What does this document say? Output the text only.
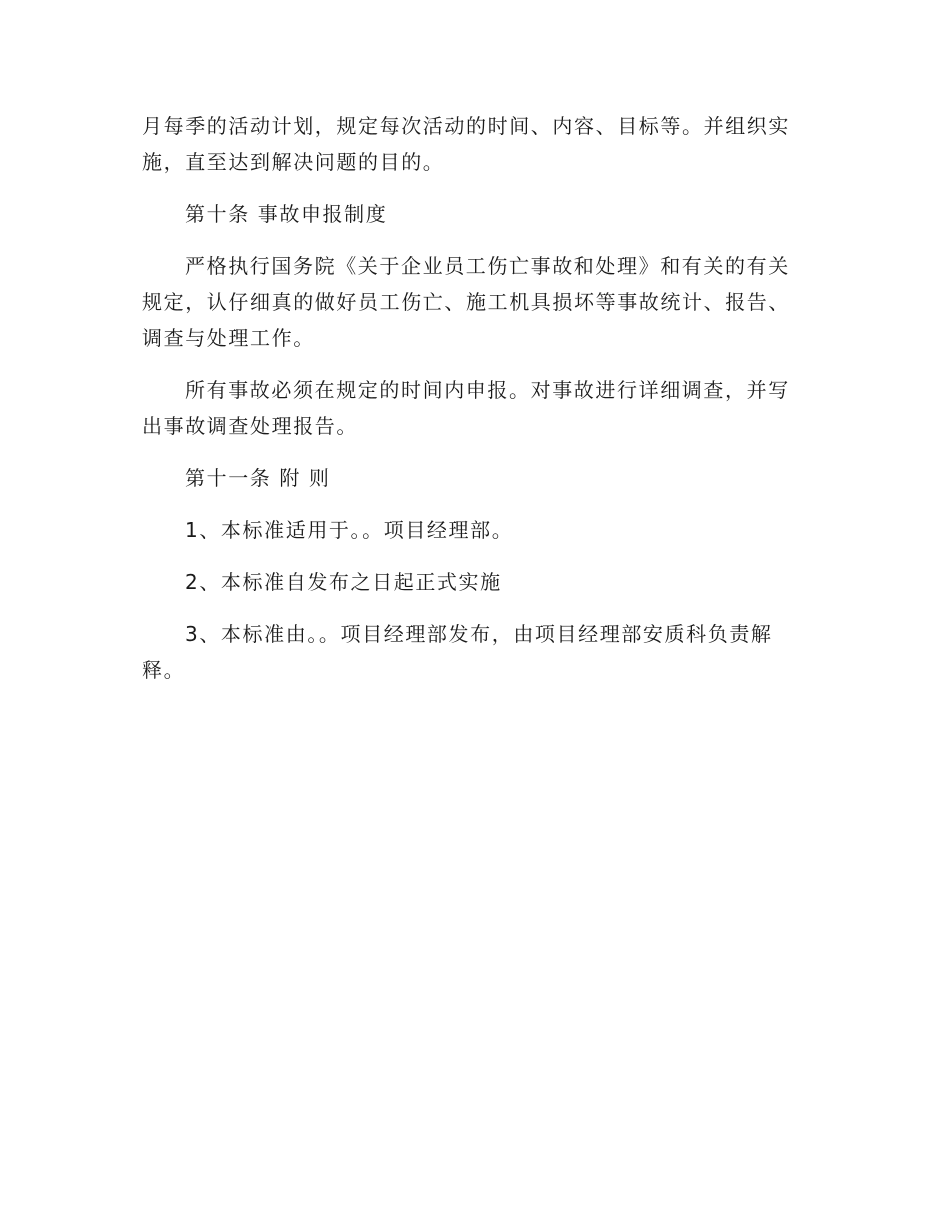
月每季的活动计划，规定每次活动的时间、内容、目标等。并组织实施，直至达到解决问题的目的。

第十条 事故申报制度

严格执行国务院《关于企业员工伤亡事故和处理》和有关的有关规定，认仔细真的做好员工伤亡、施工机具损坏等事故统计、报告、调查与处理工作。

所有事故必须在规定的时间内申报。对事故进行详细调查，并写出事故调查处理报告。

第十一条 附 则

1、本标准适用于。。项目经理部。

2、本标准自发布之日起正式实施

3、本标准由。。项目经理部发布，由项目经理部安质科负责解释。
